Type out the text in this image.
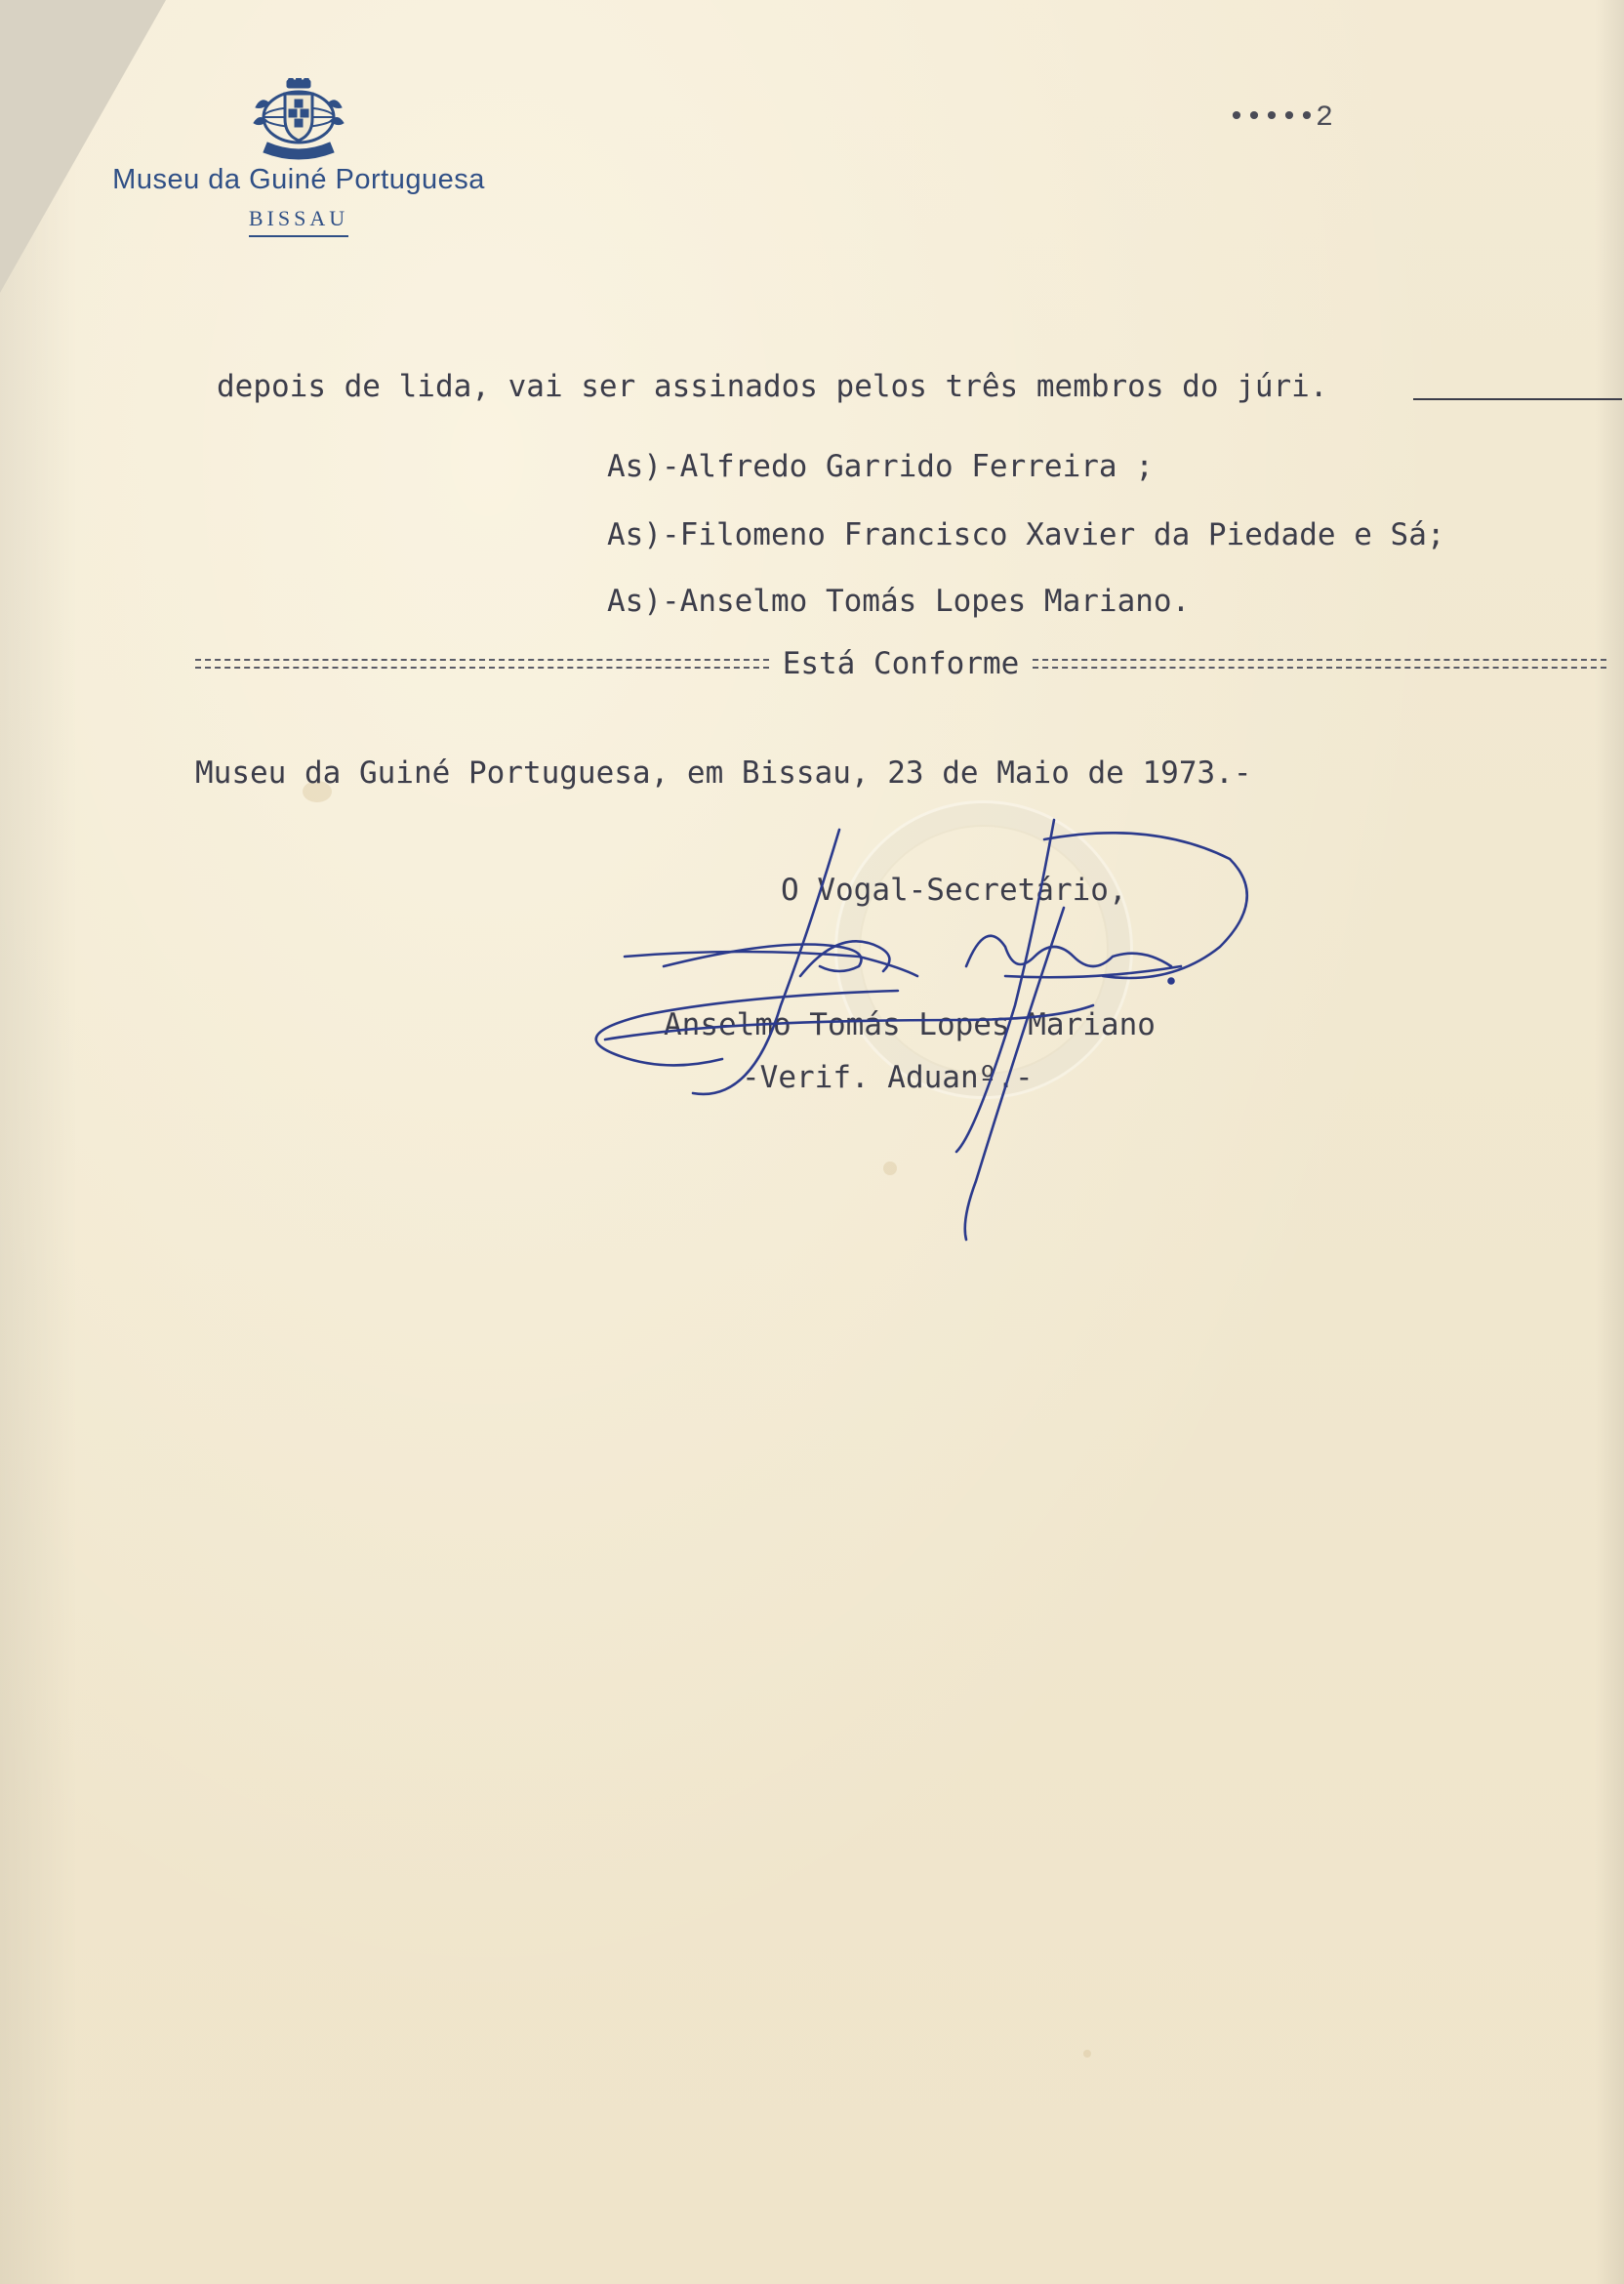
Museu da Guiné Portuguesa
BISSAU
•••••2
depois de lida, vai ser assinados pelos três membros do júri.
As)-Alfredo Garrido Ferreira ;
As)-Filomeno Francisco Xavier da Piedade e Sá;
As)-Anselmo Tomás Lopes Mariano.
Está Conforme
Museu da Guiné Portuguesa, em Bissau, 23 de Maio de 1973.-
O Vogal-Secretário,
Anselmo Tomás Lopes Mariano
-Verif. Aduanº.-
